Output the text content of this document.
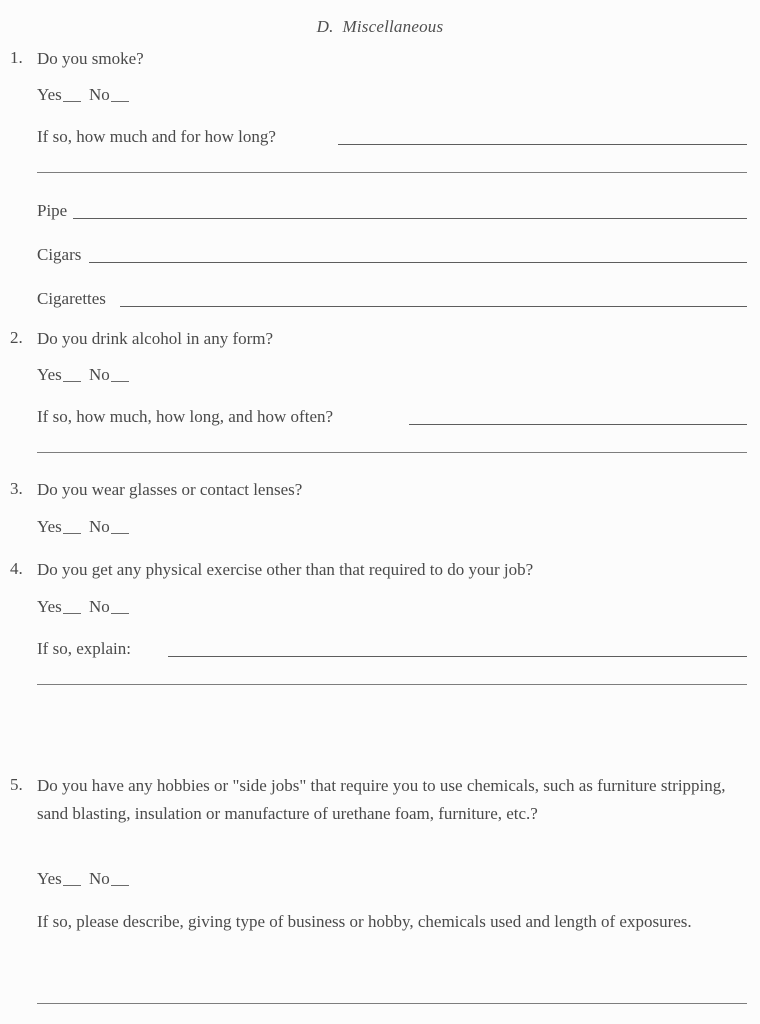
D.  Miscellaneous
1. Do you smoke?
Yes No
If so, how much and for how long?
Pipe
Cigars
Cigarettes
2. Do you drink alcohol in any form?
Yes No
If so, how much, how long, and how often?
3. Do you wear glasses or contact lenses?
Yes No
4. Do you get any physical exercise other than that required to do your job?
Yes No
If so, explain:
5. Do you have any hobbies or "side jobs" that require you to use chemicals, such as furniture stripping, sand blasting, insulation or manufacture of urethane foam, furniture, etc.?
Yes No
If so, please describe, giving type of business or hobby, chemicals used and length of exposures.
